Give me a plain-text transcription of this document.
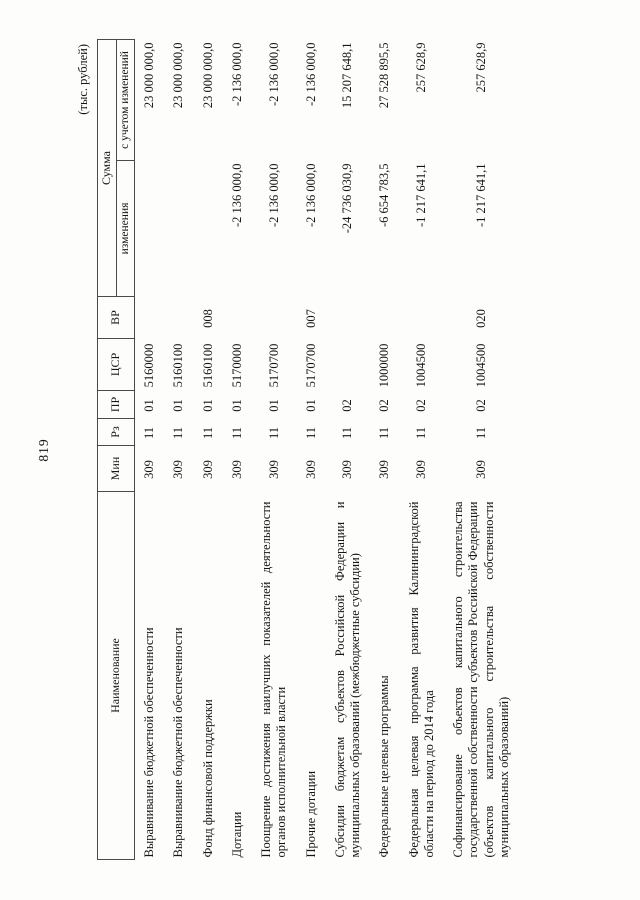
819
(тыс. рублей)
Наименование	Мин	Рз	ПР	ЦСР	ВР	Сумма	
						изменения	с учетом изменений
Выравнивание бюджетной обеспеченности	309	11	01	5160000			23 000 000,0
Выравнивание бюджетной обеспеченности	309	11	01	5160100			23 000 000,0
Фонд финансовой поддержки	309	11	01	5160100	008		23 000 000,0
Дотации	309	11	01	5170000		-2 136 000,0	-2 136 000,0
Поощрение достижения наилучших показателей деятельности органов исполнительной власти	309	11	01	5170700		-2 136 000,0	-2 136 000,0
Прочие дотации	309	11	01	5170700	007	-2 136 000,0	-2 136 000,0
Субсидии бюджетам субъектов Российской Федерации и муниципальных образований (межбюджетные субсидии)	309	11	02			-24 736 030,9	15 207 648,1
Федеральные целевые программы	309	11	02	1000000		-6 654 783,5	27 528 895,5
Федеральная целевая программа развития Калининградской области на период до 2014 года	309	11	02	1004500		-1 217 641,1	257 628,9
Софинансирование объектов капитального строительства государственной собственности субъектов Российской Федерации (объектов капитального строительства собственности муниципальных образований)	309	11	02	1004500	020	-1 217 641,1	257 628,9
